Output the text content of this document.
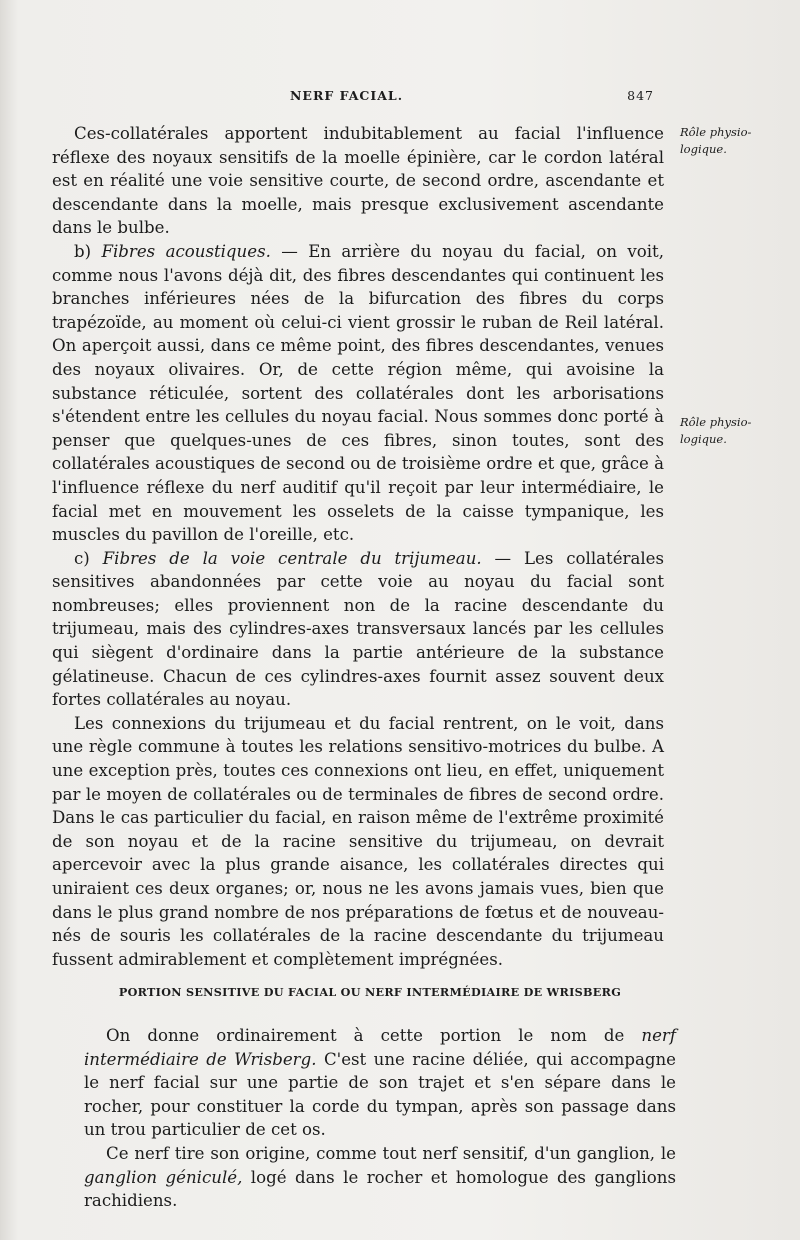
NERF FACIAL.	847
Rôle physio-logique.
Rôle physio-logique.

Ces-collatérales apportent indubitablement au facial l'influence réflexe des noyaux sensitifs de la moelle épinière, car le cordon latéral est en réalité une voie sensitive courte, de second ordre, ascendante et descendante dans la moelle, mais presque exclusivement ascendante dans le bulbe.

b) Fibres acoustiques. — En arrière du noyau du facial, on voit, comme nous l'avons déjà dit, des fibres descendantes qui continuent les branches inférieures nées de la bifurcation des fibres du corps trapézoïde, au moment où celui-ci vient grossir le ruban de Reil latéral. On aperçoit aussi, dans ce même point, des fibres descendantes, venues des noyaux olivaires. Or, de cette région même, qui avoisine la substance réticulée, sortent des collatérales dont les arborisations s'étendent entre les cellules du noyau facial. Nous sommes donc porté à penser que quelques-unes de ces fibres, sinon toutes, sont des collatérales acoustiques de second ou de troisième ordre et que, grâce à l'influence réflexe du nerf auditif qu'il reçoit par leur intermédiaire, le facial met en mouvement les osselets de la caisse tympanique, les muscles du pavillon de l'oreille, etc.

c) Fibres de la voie centrale du trijumeau. — Les collatérales sensitives abandonnées par cette voie au noyau du facial sont nombreuses; elles proviennent non de la racine descendante du trijumeau, mais des cylindres-axes transversaux lancés par les cellules qui siègent d'ordinaire dans la partie antérieure de la substance gélatineuse. Chacun de ces cylindres-axes fournit assez souvent deux fortes collatérales au noyau.

Les connexions du trijumeau et du facial rentrent, on le voit, dans une règle commune à toutes les relations sensitivo-motrices du bulbe. A une exception près, toutes ces connexions ont lieu, en effet, uniquement par le moyen de collatérales ou de terminales de fibres de second ordre. Dans le cas particulier du facial, en raison même de l'extrême proximité de son noyau et de la racine sensitive du trijumeau, on devrait apercevoir avec la plus grande aisance, les collatérales directes qui uniraient ces deux organes; or, nous ne les avons jamais vues, bien que dans le plus grand nombre de nos préparations de fœtus et de nouveau-nés de souris les collatérales de la racine descendante du trijumeau fussent admirablement et complètement imprégnées.

PORTION SENSITIVE DU FACIAL OU NERF INTERMÉDIAIRE DE WRISBERG

On donne ordinairement à cette portion le nom de nerf intermédiaire de Wrisberg. C'est une racine déliée, qui accompagne le nerf facial sur une partie de son trajet et s'en sépare dans le rocher, pour constituer la corde du tympan, après son passage dans un trou particulier de cet os.

Ce nerf tire son origine, comme tout nerf sensitif, d'un ganglion, le ganglion géniculé, logé dans le rocher et homologue des ganglions rachidiens.
